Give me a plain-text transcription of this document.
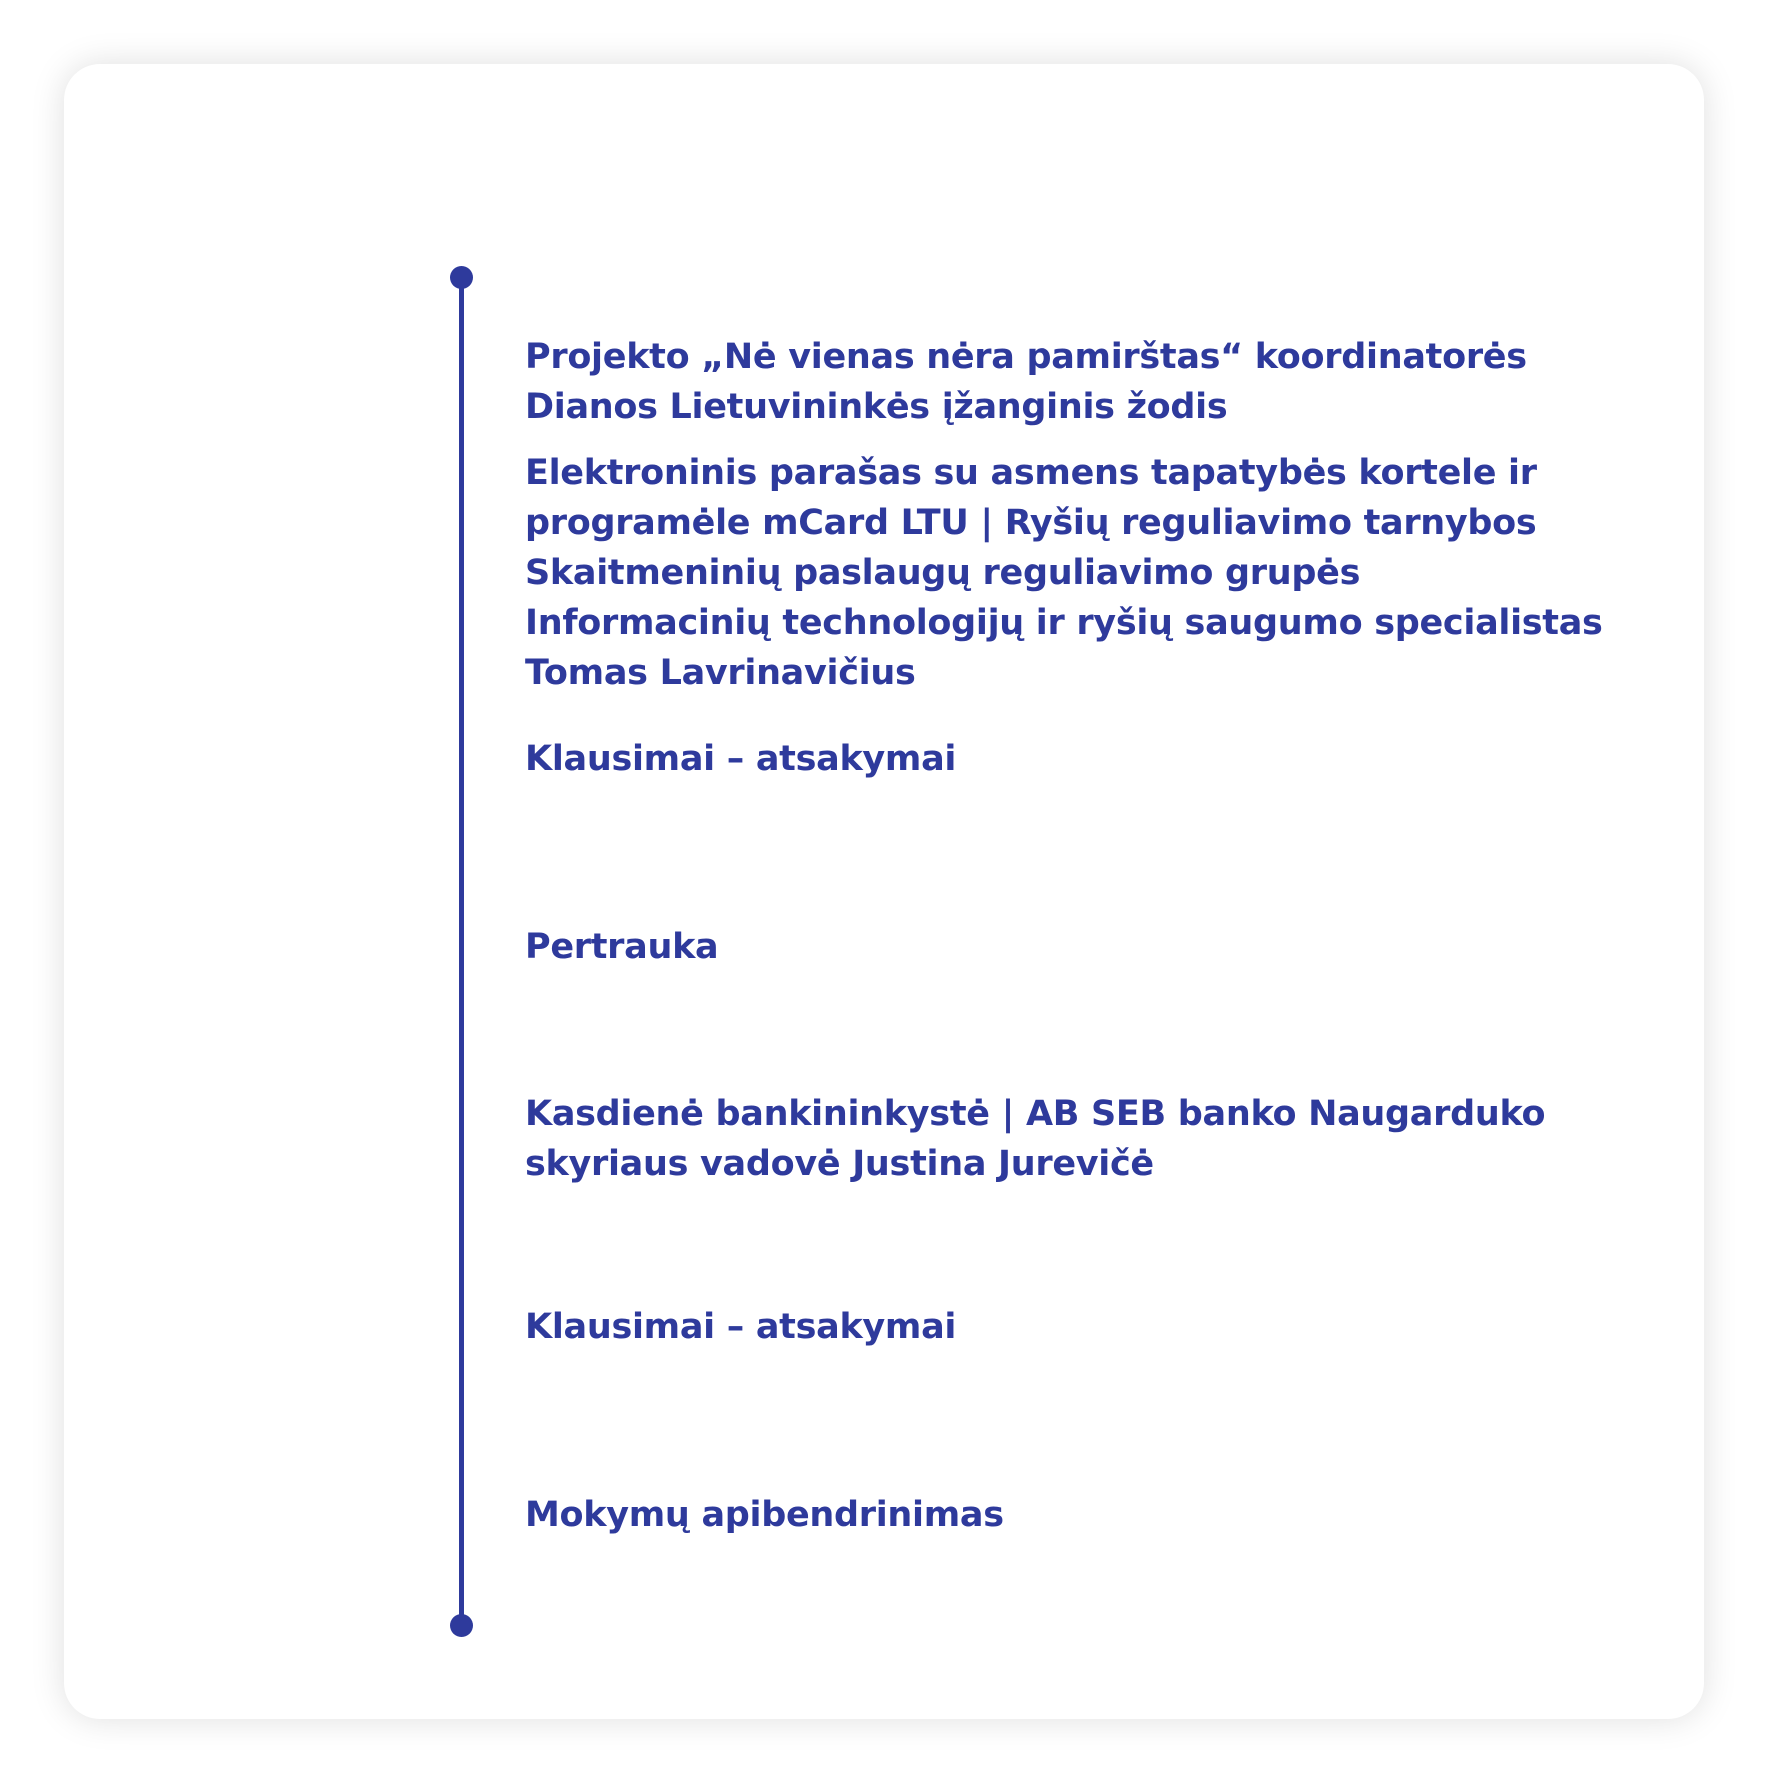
Projekto „Nė vienas nėra pamirštas“ koordinatorės Dianos Lietuvininkės įžanginis žodis

Elektroninis parašas su asmens tapatybės kortele ir programėle mCard LTU | Ryšių reguliavimo tarnybos Skaitmeninių paslaugų reguliavimo grupės Informacinių technologijų ir ryšių saugumo specialistas Tomas Lavrinavičius

Klausimai – atsakymai

Pertrauka

Kasdienė bankininkystė | AB SEB banko Naugarduko skyriaus vadovė Justina Jurevičė

Klausimai – atsakymai

Mokymų apibendrinimas
